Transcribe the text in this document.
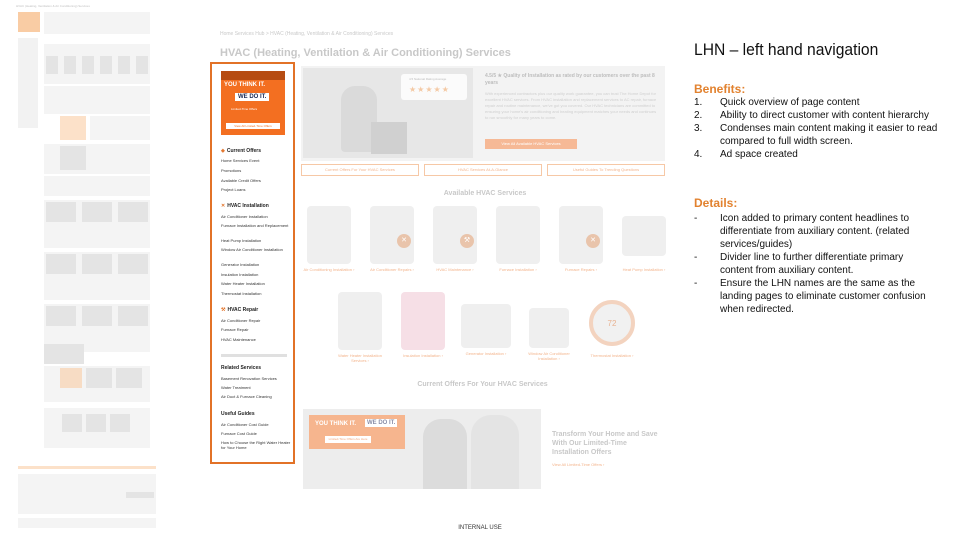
HVAC (Heating, Ventilation & Air Conditioning) Services
Home Services Hub > HVAC (Heating, Ventilation & Air Conditioning) Services
HVAC (Heating, Ventilation & Air Conditioning) Services
YOU THINK IT.
WE DO IT.
Limited-Time Offers
View All Limited-Time Offers
◈ Current Offers
Home Services Event
Promotions
Available Credit Offers
Project Loans
✕ HVAC Installation
Air Conditioner Installation
Furnace Installation and Replacement
Heat Pump Installation
Window Air Conditioner Installation
Generator Installation
Insulation Installation
Water Heater Installation
Thermostat Installation
⚒ HVAC Repair
Air Conditioner Repair
Furnace Repair
HVAC Maintenance
Related Services
Basement Renovation Services
Water Treatment
Air Duct & Furnace Cleaning
Useful Guides
Air Conditioner Cost Guide
Furnace Cost Guide
How to Choose the Right Water Heater for Your Home
4.5 National Rating Average
★★★★★
4.5/5 ★ Quality of Installation as rated by our customers over the past 8 years
With experienced contractors plus our quality work guarantee, you can trust The Home Depot for excellent HVAC services. From HVAC installation and replacement services to AC repair, furnace repair and routine maintenance, we've got you covered. Our HVAC technicians are committed to ensuring your home's air conditioning and heating equipment matches your needs and continues to run smoothly for many years to come.
View All Available HVAC Services
Current Offers For Your HVAC Services	HVAC Services At-A-Glance	Useful Guides To Trending Questions
Available HVAC Services
Air Conditioning Installation ›
✕
Air Conditioner Repairs ›
⚒
HVAC Maintenance ›	Furnace Installation ›
✕
Furnace Repairs ›	Heat Pump Installation ›
Water Heater Installation Services ›
Insulation Installation ›	Generator Installation ›	Window Air Conditioner Installation ›
72
Thermostat Installation ›
Current Offers For Your HVAC Services
YOU THINK IT.	WE DO IT.
Limited-Time Offers Are Here
Transform Your Home and Save With Our Limited-Time Installation Offers
View All Limited-Time Offers ›
LHN – left hand navigation
Benefits:
1.	Quick overview of page content
2.	Ability to direct customer with content hierarchy
3.	Condenses main content making it easier to read compared to full width screen.
4.	Ad space created
Details:
-	Icon added to primary content headlines to differentiate from auxiliary content. (related services/guides)
-	Divider line to further differentiate primary content from auxiliary content.
-	Ensure the LHN names are the same as the landing pages to eliminate customer confusion when redirected.
INTERNAL USE
